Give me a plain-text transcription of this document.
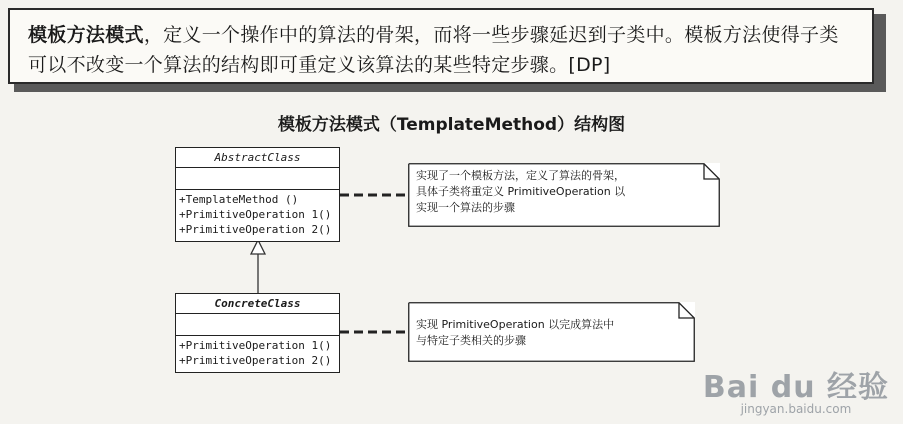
模板方法模式，定义一个操作中的算法的骨架，而将一些步骤延迟到子类中。模板方法使得子类可以不改变一个算法的结构即可重定义该算法的某些特定步骤。[DP]
模板方法模式（TemplateMethod）结构图
AbstractClass
+TemplateMethod ()
+PrimitiveOperation 1()
+PrimitiveOperation 2()
ConcreteClass
+PrimitiveOperation 1()
+PrimitiveOperation 2()
实现了一个模板方法，定义了算法的骨架，
具体子类将重定义 PrimitiveOperation 以
实现一个算法的步骤
实现 PrimitiveOperation 以完成算法中
与特定子类相关的步骤
Bai du 经验
jingyan.baidu.com
